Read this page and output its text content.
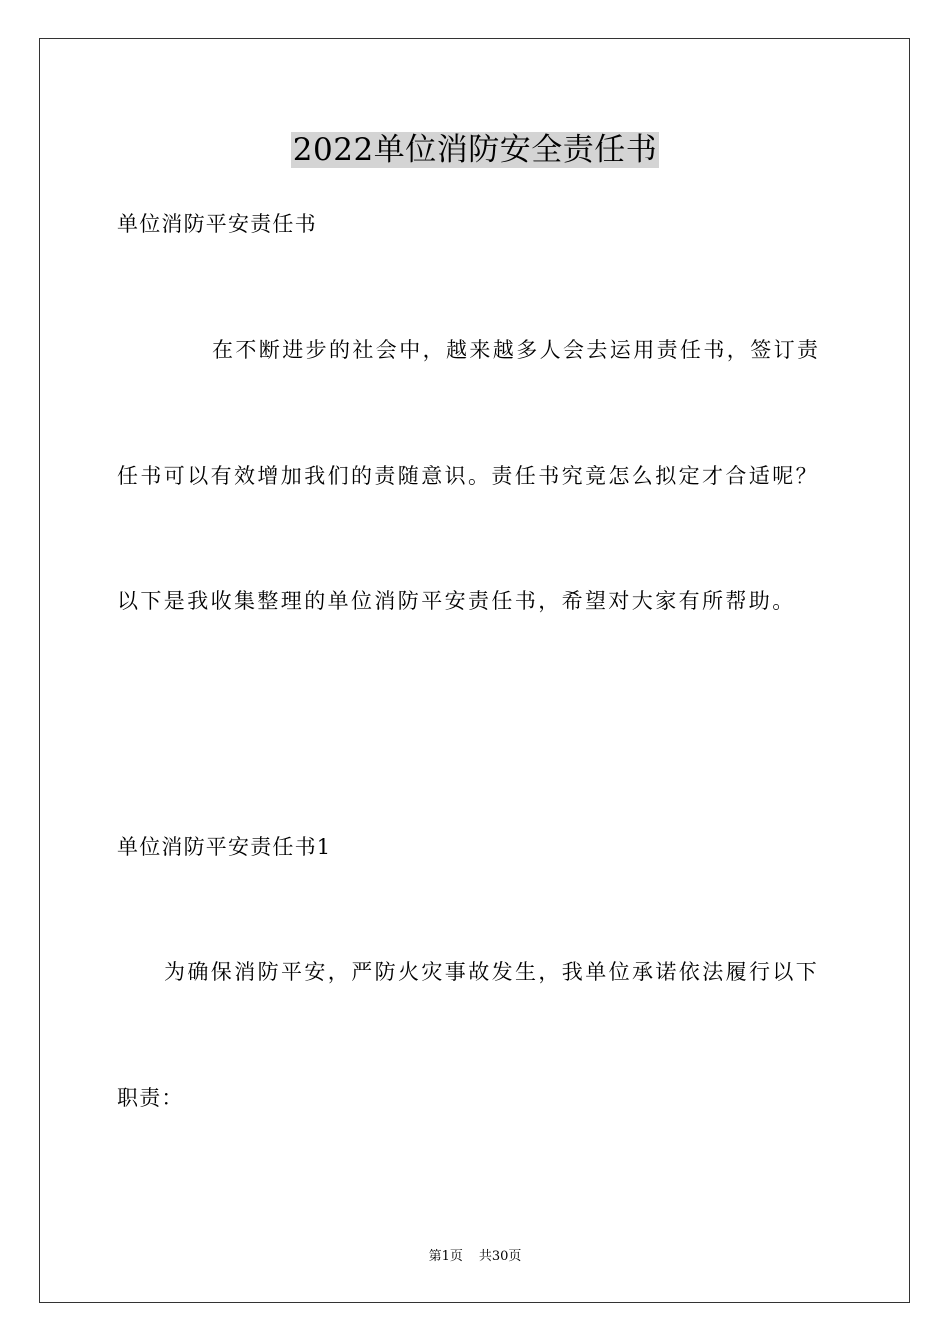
2022单位消防安全责任书
单位消防平安责任书
在不断进步的社会中，越来越多人会去运用责任书，签订责
任书可以有效增加我们的责随意识。责任书究竟怎么拟定才合适呢？
以下是我收集整理的单位消防平安责任书，希望对大家有所帮助。
单位消防平安责任书1
为确保消防平安，严防火灾事故发生，我单位承诺依法履行以下
职责：
第1页 共30页
